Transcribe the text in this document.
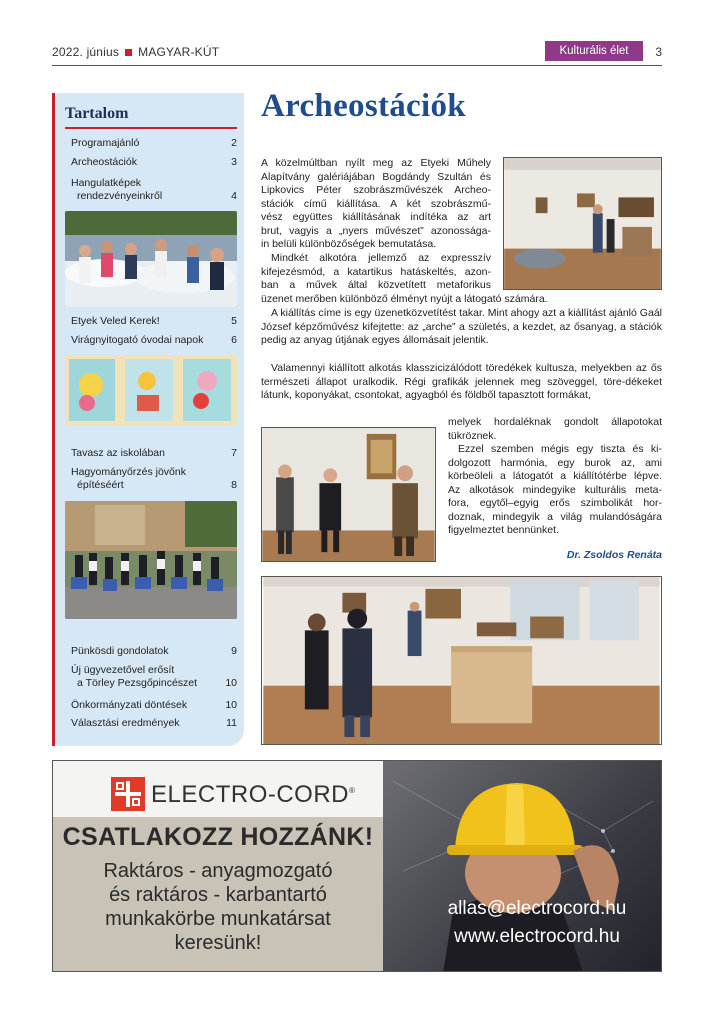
2022. június MAGYAR-KÚT	Kulturális élet	3
Tartalom
Programajánló	2
Archeostációk	3
Hangulatképek
rendezvényeinkről	4
Etyek Veled Kerek!	5
Virágnyitogató óvodai napok	6
Tavasz az iskolában	7
Hagyományőrzés jövőnk
építéséért	8
Pünkösdi gondolatok	9
Új ügyvezetővel erősít
a Törley Pezsgőpincészet	10
Önkormányzati döntések	10
Választási eredmények	11
Archeostációk
A közelmúltban nyílt meg az Etyeki Műhely
Alapítvány galériájában Bogdándy Szultán és
Lipkovics Péter szobrászművészek Archeo-
stációk című kiállítása. A két szobrászmű-
vész együttes kiállításának indítéka az art
brut, vagyis a „nyers művészet” azonossága-
in belüli különbözőségek bemutatása.
Mindkét alkotóra jellemző az expresszív
kifejezésmód, a katartikus hatáskeltés, azon-
ban a művek által közvetített metaforikus
üzenet merőben különböző élményt nyújt a látogató számára.

A kiállítás címe is egy üzenetközvetítést takar. Mint ahogy azt a kiállítást ajánló Gaál József képzőművész kifejtette: az „arche” a születés, a kezdet, az ősanyag, a stációk pedig az anyag útjának egyes állomásait jelentik.

Valamennyi kiállított alkotás klasszicizálódott töredékek kultusza, melyekben az ős természeti állapot uralkodik. Régi grafikák jelennek meg szöveggel, töre-dékeket látunk, koponyákat, csontokat, agyagból és földből tapasztott formákat,

melyek hordaléknak gondolt állapotokat
tükröznek.
Ezzel szemben mégis egy tiszta és ki-
dolgozott harmónia, egy burok az, ami
körbeöleli a látogatót a kiállítótérbe lépve.
Az alkotások mindegyike kulturális meta-
fora, egytől–egyig erős szimbolikát hor-
doznak, mindegyik a világ mulandóságára
figyelmeztet bennünket.
Dr. Zsoldos Renáta
ELECTRO-CORD®
CSATLAKOZZ HOZZÁNK!
Raktáros - anyagmozgató
és raktáros - karbantartó
munkakörbe munkatársat
keresünk!
allas@electrocord.hu
www.electrocord.hu
